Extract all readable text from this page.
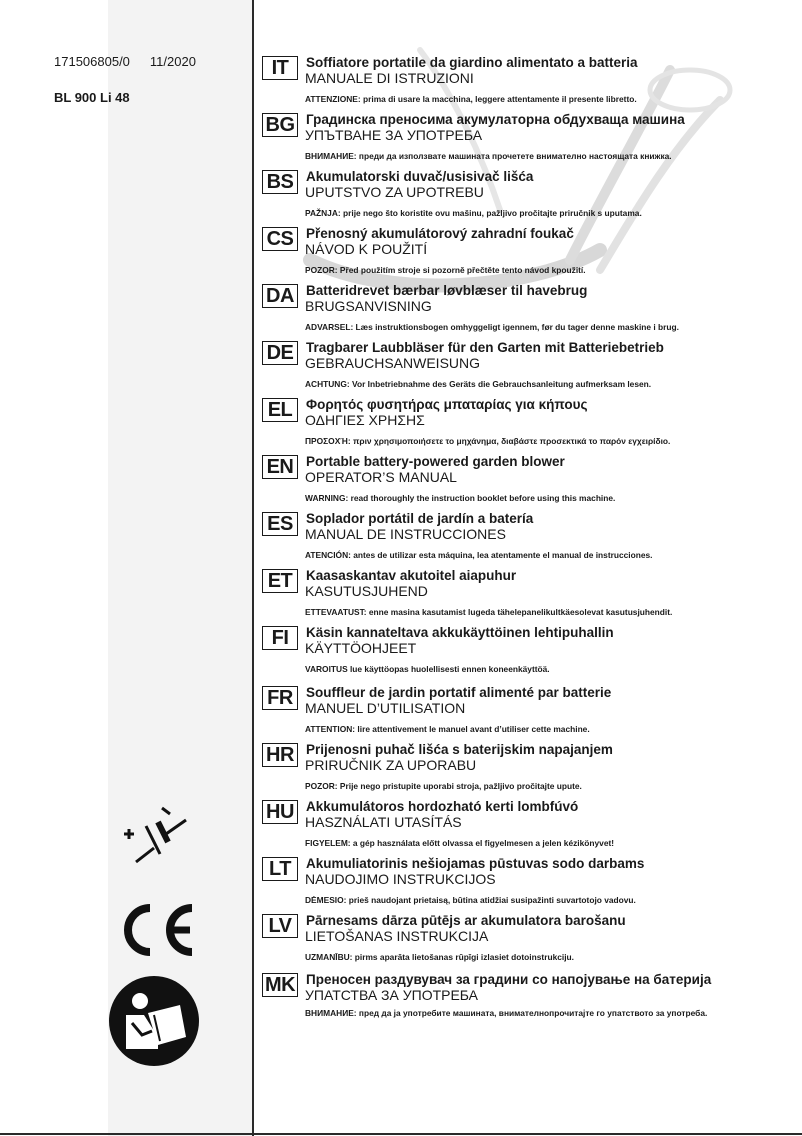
171506805/0 11/2020
BL 900 Li 48
IT	Soffiatore portatile da giardino alimentato a batteria
MANUALE DI ISTRUZIONI
ATTENZIONE: prima di usare la macchina, leggere attentamente il presente libretto.
BG Градинска преносима акумулаторна обдухваща машина
УПЪТВАНЕ ЗА УПОТРЕБА
ВНИМАНИЕ: преди да използвате машината прочетете внимателно настоящата книжка.
BS Akumulatorski duvač/usisivač lišća
UPUTSTVO ZA UPOTREBU
PAŽNJA: prije nego što koristite ovu mašinu, pažljivo pročitajte priručnik s uputama.
CS Přenosný akumulátorový zahradní foukač
NÁVOD K POUŽITÍ
POZOR: Před použitím stroje si pozorně přečtěte tento návod kpoužití.
DA Batteridrevet bærbar løvblæser til havebrug
BRUGSANVISNING
ADVARSEL: Læs instruktionsbogen omhyggeligt igennem, før du tager denne maskine i brug.
DE Tragbarer Laubbläser für den Garten mit Batteriebetrieb
GEBRAUCHSANWEISUNG
ACHTUNG: Vor Inbetriebnahme des Geräts die Gebrauchsanleitung aufmerksam lesen.
EL	Φορητός φυσητήρας μπαταρίας για κήπους
ΟΔΗΓΙΕΣ ΧΡΗΣΗΣ
ΠΡΟΣΟΧΉ: πριν χρησιμοποιήσετε το μηχάνημα, διαβάστε προσεκτικά το παρόν εγχειρίδιο.
EN Portable battery-powered garden blower
OPERATOR’S MANUAL
WARNING: read thoroughly the instruction booklet before using this machine.
ES Soplador portátil de jardín a batería
MANUAL DE INSTRUCCIONES
ATENCIÓN: antes de utilizar esta máquina, lea atentamente el manual de instrucciones.
ET	Kaasaskantav akutoitel aiapuhur
KASUTUSJUHEND
ETTEVAATUST: enne masina kasutamist lugeda tähelepanelikultkäesolevat kasutusjuhendit.
FI	Käsin kannateltava akkukäyttöinen lehtipuhallin
KÄYTTÖOHJEET
VAROITUS lue käyttöopas huolellisesti ennen koneenkäyttöä.
FR Souffleur de jardin portatif alimenté par batterie
MANUEL D’UTILISATION
ATTENTION: lire attentivement le manuel avant d’utiliser cette machine.
HR Prijenosni puhač lišća s baterijskim napajanjem
PRIRUČNIK ZA UPORABU
POZOR: Prije nego pristupite uporabi stroja, pažljivo pročitajte upute.
HU Akkumulátoros hordozható kerti lombfúvó
HASZNÁLATI UTASÍTÁS
FIGYELEM: a gép használata előtt olvassa el figyelmesen a jelen kézikönyvet!
LT	Akumuliatorinis nešiojamas pūstuvas sodo darbams
NAUDOJIMO INSTRUKCIJOS
DĖMESIO: prieš naudojant prietaisą, būtina atidžiai susipažinti suvartotojo vadovu.
LV	Pārnesams dārza pūtējs ar akumulatora barošanu
LIETOŠANAS INSTRUKCIJA
UZMANĪBU: pirms aparāta lietošanas rūpīgi izlasiet dotoinstrukciju.
MK Преносен раздувувач за градини со напојување на батерија
УПАТСТВА ЗА УПОТРЕБА
ВНИМАНИЕ: пред да ја употребите машината, внимателнопрочитајте го упатството за употреба.
